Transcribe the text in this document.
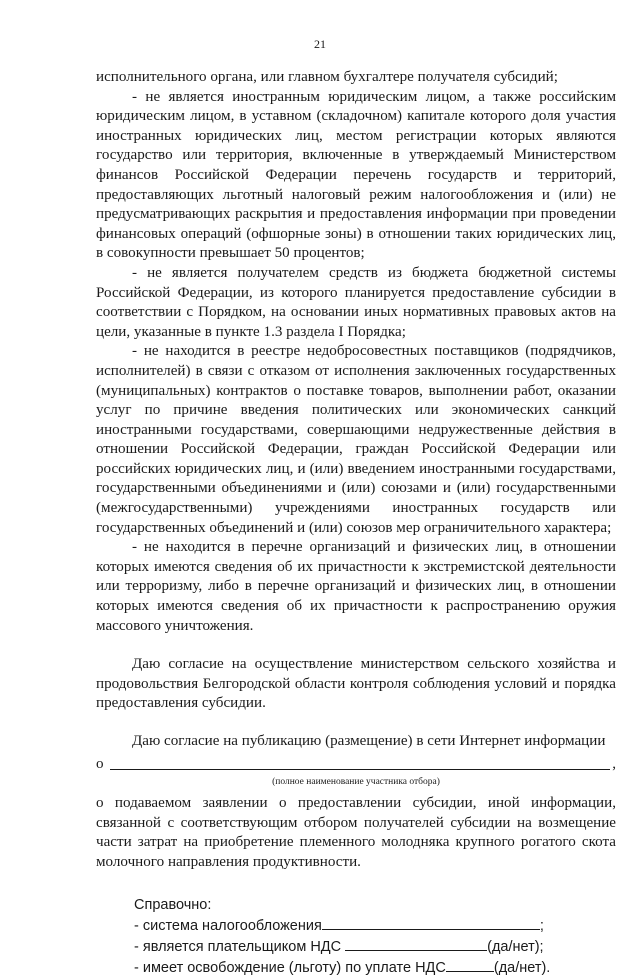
21

исполнительного органа, или главном бухгалтере получателя субсидий;

- не является иностранным юридическим лицом, а также российским юридическим лицом, в уставном (складочном) капитале которого доля участия иностранных юридических лиц, местом регистрации которых являются государство или территория, включенные в утверждаемый Министерством финансов Российской Федерации перечень государств и территорий, предоставляющих льготный налоговый режим налогообложения и (или) не предусматривающих раскрытия и предоставления информации при проведении финансовых операций (офшорные зоны) в отношении таких юридических лиц, в совокупности превышает 50 процентов;

- не является получателем средств из бюджета бюджетной системы Российской Федерации, из которого планируется предоставление субсидии в соответствии с Порядком, на основании иных нормативных правовых актов на цели, указанные в пункте 1.3 раздела I Порядка;

- не находится в реестре недобросовестных поставщиков (подрядчиков, исполнителей) в связи с отказом от исполнения заключенных государственных (муниципальных) контрактов о поставке товаров, выполнении работ, оказании услуг по причине введения политических или экономических санкций иностранными государствами, совершающими недружественные действия в отношении Российской Федерации, граждан Российской Федерации или российских юридических лиц, и (или) введением иностранными государствами, государственными объединениями и (или) союзами и (или) государственными (межгосударственными) учреждениями иностранных государств или государственных объединений и (или) союзов мер ограничительного характера;

- не находится в перечне организаций и физических лиц, в отношении которых имеются сведения об их причастности к экстремистской деятельности или терроризму, либо в перечне организаций и физических лиц, в отношении которых имеются сведения об их причастности к распространению оружия массового уничтожения.

Даю согласие на осуществление министерством сельского хозяйства и продовольствия Белгородской области контроля соблюдения условий и порядка предоставления субсидии.

Даю согласие на публикацию (размещение) в сети Интернет информации

о	,
(полное наименование участника отбора)

о подаваемом заявлении о предоставлении субсидии, иной информации, связанной с соответствующим отбором получателей субсидии на возмещение части затрат на приобретение племенного молодняка крупного рогатого скота молочного направления продуктивности.

Справочно:
- система налогообложения	;
- является плательщиком НДС	(да/нет);
- имеет освобождение (льготу) по уплате НДС	(да/нет).
